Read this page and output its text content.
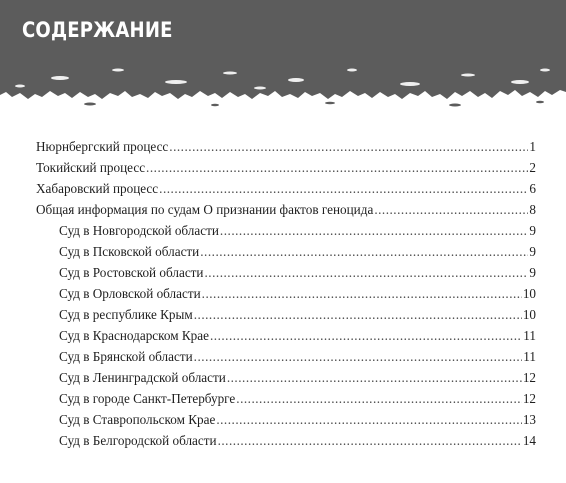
СОДЕРЖАНИЕ
Нюрнбергский процесс .....	1
Токийский процесс .....	2
Хабаровский процесс .....	6
Общая информация по судам О признании фактов геноцида .....	8
Суд в Новгородской области .....	9
Суд в Псковской области .....	9
Суд в Ростовской области .....	9
Суд в Орловской области .....	10
Суд в республике Крым .....	10
Суд в Краснодарском Крае .....	11
Суд в Брянской области .....	11
Суд в Ленинградской области .....	12
Суд в городе Санкт-Петербурге .....	12
Суд в Ставропольском Крае .....	13
Суд в Белгородской области .....	14
